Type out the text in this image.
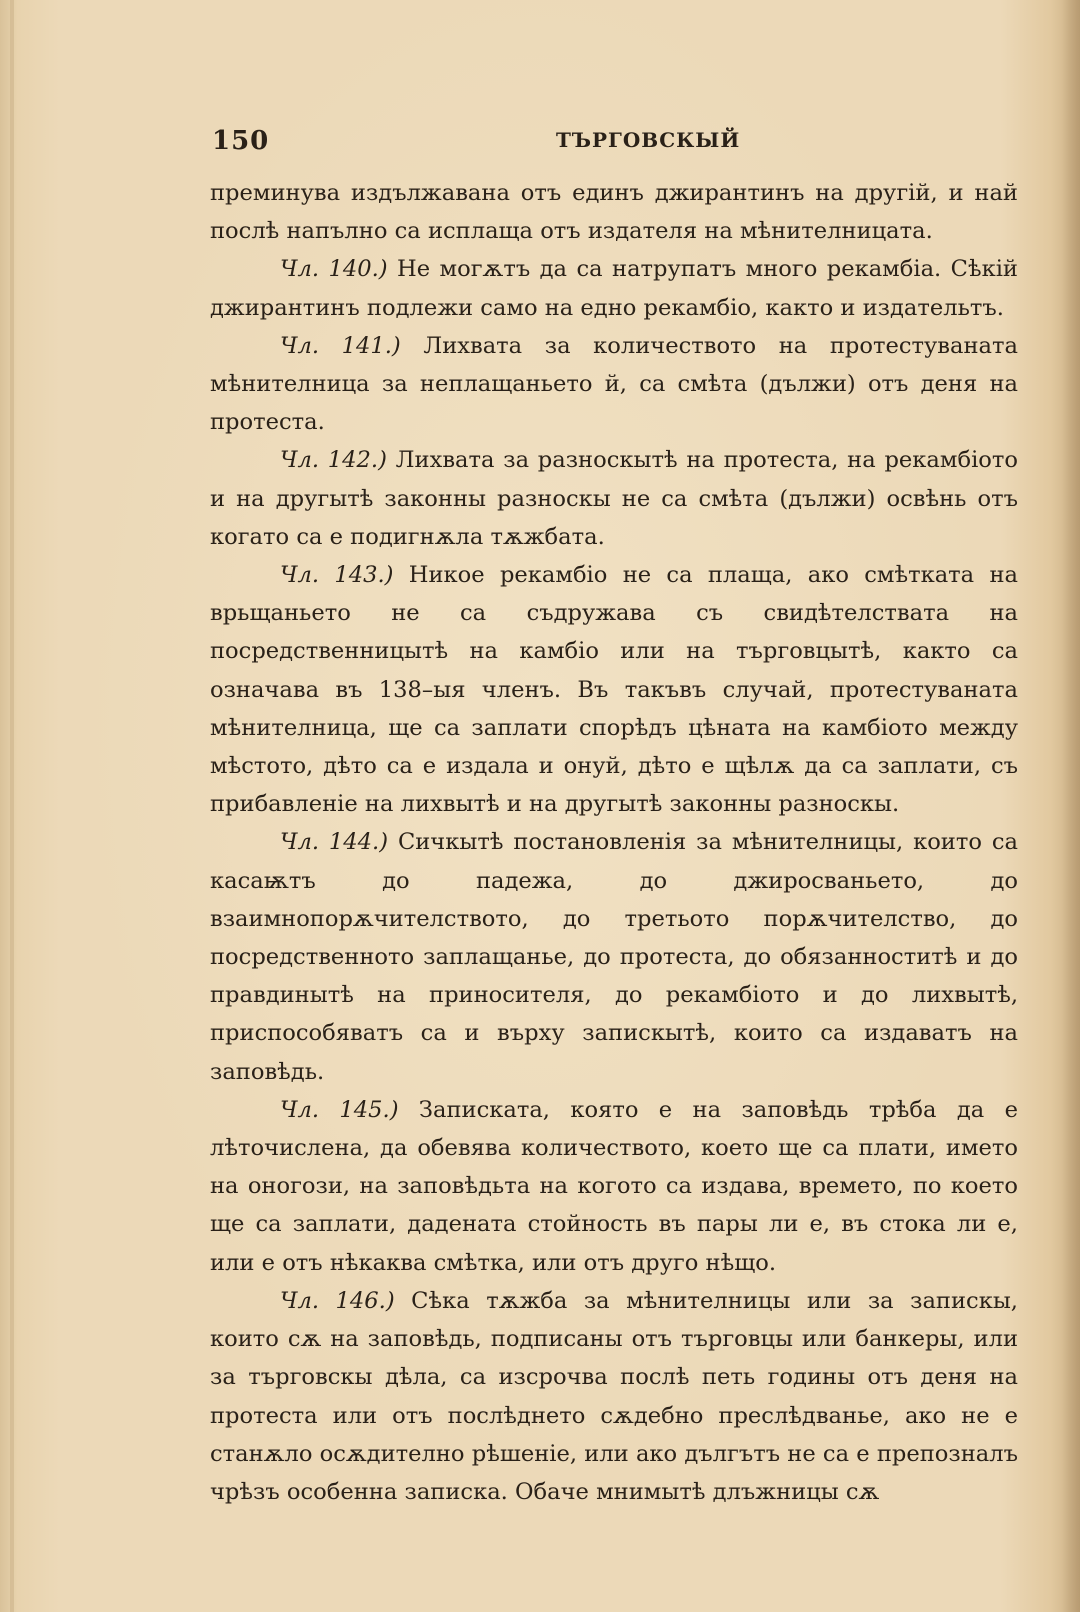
150	ТЪРГОВСКЫЙ

преминува издължавана отъ единъ джирантинъ на другій, и най послѣ напълно са исплаща отъ издателя на мѣнителницата.

Чл. 140.) Не могѫтъ да са натрупатъ много рекамбіа. Сѣкій джирантинъ подлежи само на едно рекамбіо, както и издательтъ.

Чл. 141.) Лихвата за количеството на протестуваната мѣнителница за неплащаньето й, са смѣта (дължи) отъ деня на протеста.

Чл. 142.) Лихвата за разноскытѣ на протеста, на рекамбіото и на другытѣ законны разноскы не са смѣта (дължи) освѣнь отъ когато са е подигнѫла тѫжбата.

Чл. 143.) Никое рекамбіо не са плаща, ако смѣтката на врьщаньето не са съдружава съ свидѣтелствата на посредственницытѣ на камбіо или на търговцытѣ, както са означава въ 138–ыя членъ. Въ такъвъ случай, протестуваната мѣнителница, ще са заплати спорѣдъ цѣната на камбіото между мѣстото, дѣто са е издала и онуй, дѣто е щѣлѫ да са заплати, съ прибавленіе на лихвытѣ и на другытѣ законны разноскы.

Чл. 144.) Сичкытѣ постановленія за мѣнителницы, които са касаѭтъ до падежа, до джиросваньето, до взаимнопорѫчителството, до третьото порѫчителство, до посредственното заплащанье, до протеста, до обязанноститѣ и до правдинытѣ на приносителя, до рекамбіото и до лихвытѣ, приспособяватъ са и върху запискытѣ, които са издаватъ на заповѣдь.

Чл. 145.) Записката, която е на заповѣдь трѣба да е лѣточислена, да обевява количеството, което ще са плати, името на оногози, на заповѣдьта на когото са издава, времето, по което ще са заплати, дадената стойность въ пары ли е, въ стока ли е, или е отъ нѣкаква смѣтка, или отъ друго нѣщо.

Чл. 146.) Сѣка тѫжба за мѣнителницы или за запискы, които сѫ на заповѣдь, подписаны отъ търговцы или банкеры, или за търговскы дѣла, са изсрочва послѣ петь годины отъ деня на протеста или отъ послѣднето сѫдебно прeслѣдванье, ако не е станѫло осѫдително рѣшеніе, или ако дългътъ не са е прeпозналъ чрѣзъ особенна записка. Обаче мнимытѣ длъжницы сѫ
